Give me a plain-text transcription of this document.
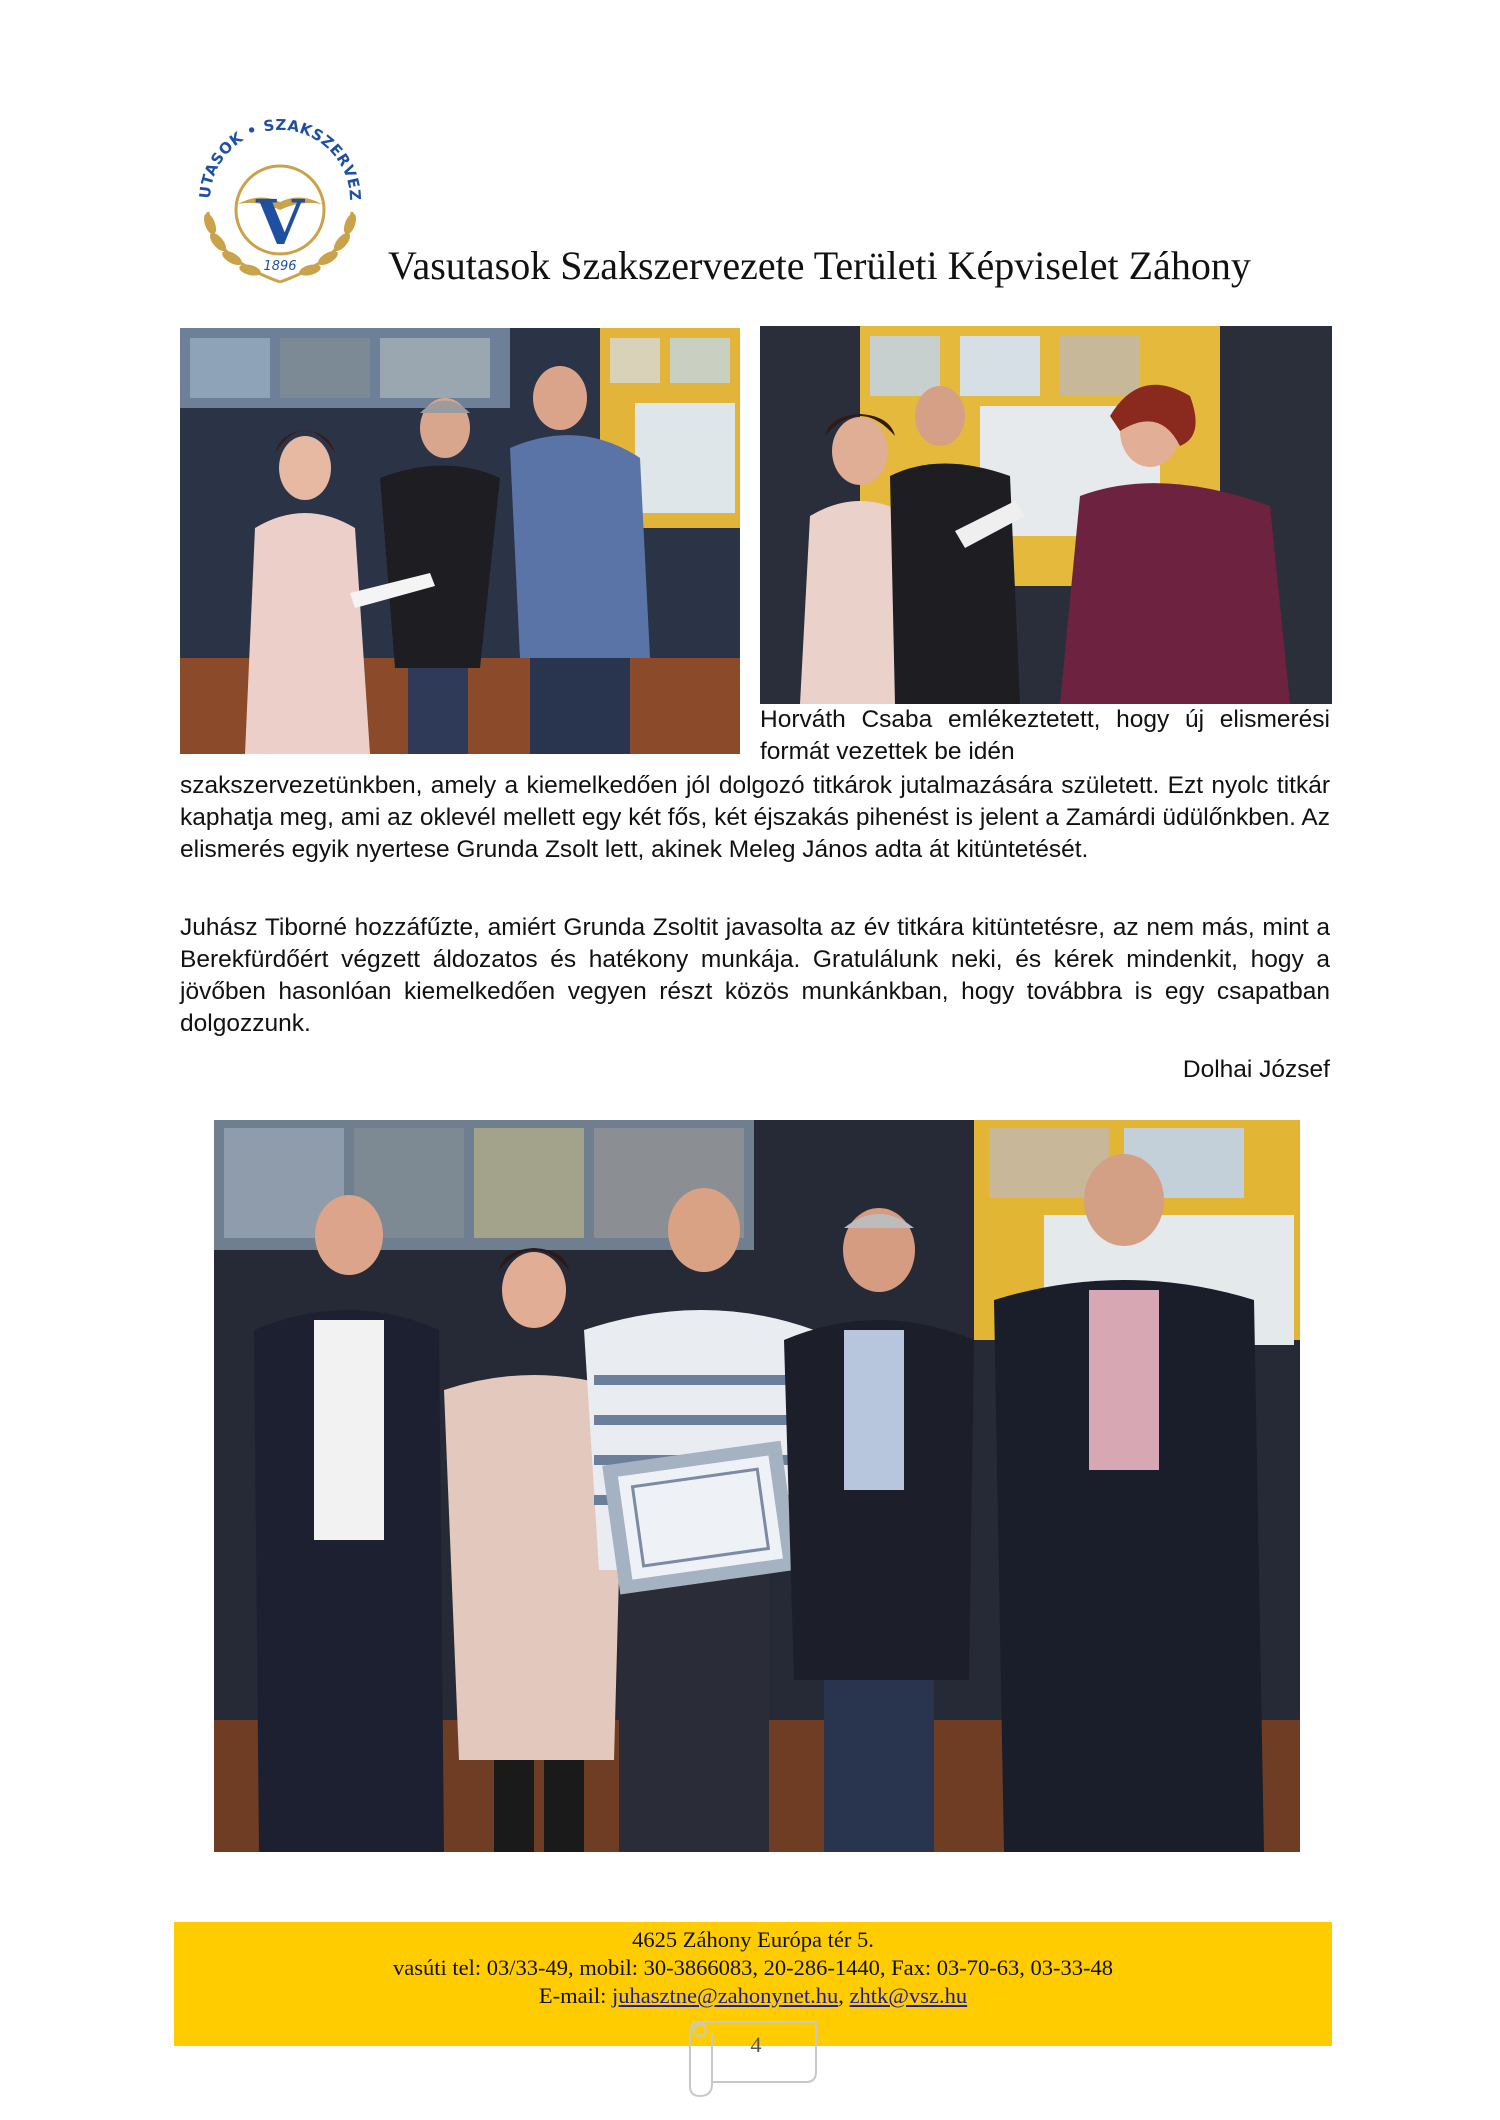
UTASOK • SZAKSZERVEZ
V
1896 Vasutasok Szakszervezete Területi Képviselet Záhony

Horváth Csaba emlékeztetett, hogy új elismerési formát vezettek be idén

szakszervezetünkben, amely a kiemelkedően jól dolgozó titkárok jutalmazására született. Ezt nyolc titkár kaphatja meg, ami az oklevél mellett egy két fős, két éjszakás pihenést is jelent a Zamárdi üdülőnkben. Az elismerés egyik nyertese Grunda Zsolt lett, akinek Meleg János adta át kitüntetését.

Juhász Tiborné hozzáfűzte, amiért Grunda Zsoltit javasolta az év titkára kitüntetésre, az nem más, mint a Berekfürdőért végzett áldozatos és hatékony munkája. Gratulálunk neki, és kérek mindenkit, hogy a jövőben hasonlóan kiemelkedően vegyen részt közös munkánkban, hogy továbbra is egy csapatban dolgozzunk.

Dolhai József
4625 Záhony Európa tér 5.
vasúti tel: 03/33-49, mobil: 30-3866083, 20-286-1440, Fax: 03-70-63, 03-33-48
E-mail: juhasztne@zahonynet.hu, zhtk@vsz.hu
4
